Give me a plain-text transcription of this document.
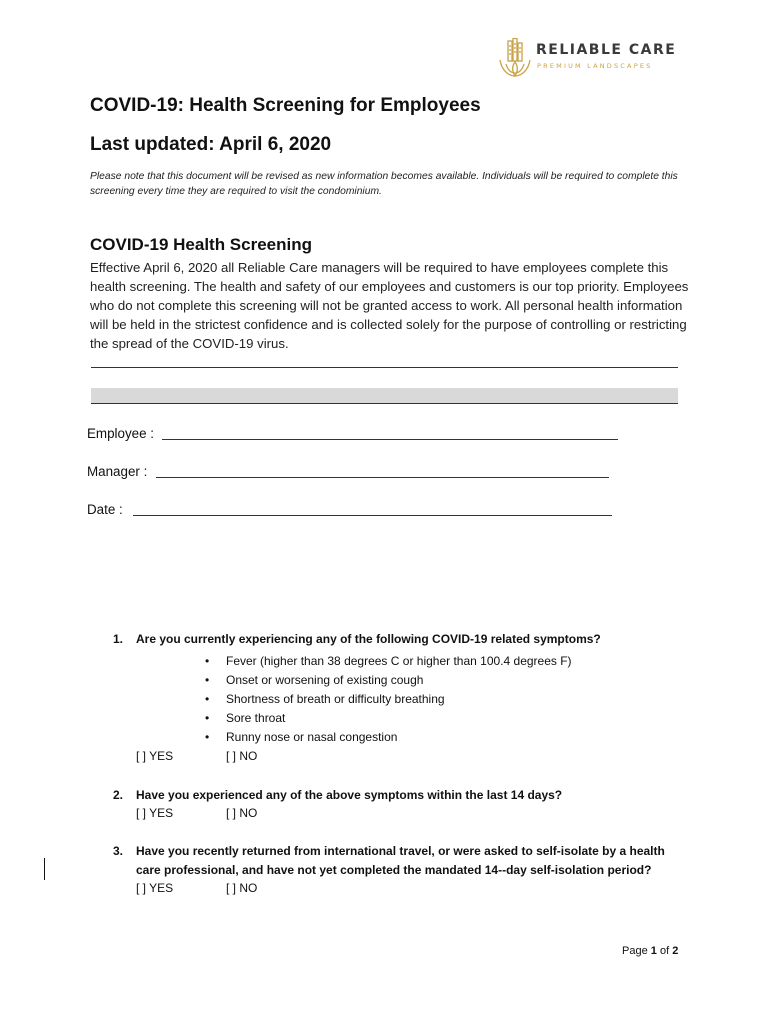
RELIABLE CARE
PREMIUM LANDSCAPES
COVID-19: Health Screening for Employees
Last updated: April 6, 2020

Please note that this document will be revised as new information becomes available. Individuals will be required to complete this screening every time they are required to visit the condominium.

COVID-19 Health Screening

Effective April 6, 2020 all Reliable Care managers will be required to have employees complete this health screening. The health and safety of our employees and customers is our top priority. Employees who do not complete this screening will not be granted access to work. All personal health information will be held in the strictest confidence and is collected solely for the purpose of controlling or restricting the spread of the COVID-19 virus.

Employee :
Manager :
Date :
1. Are you currently experiencing any of the following COVID-19 related symptoms?
• Fever (higher than 38 degrees C or higher than 100.4 degrees F)
• Onset or worsening of existing cough
• Shortness of breath or difficulty breathing
• Sore throat
• Runny nose or nasal congestion
[ ] YES	[ ] NO
2. Have you experienced any of the above symptoms within the last 14 days?
[ ] YES	[ ] NO
3. Have you recently returned from international travel, or were asked to self-isolate by a health
care professional, and have not yet completed the mandated 14--day self-isolation period?
[ ] YES	[ ] NO
Page 1 of 2
